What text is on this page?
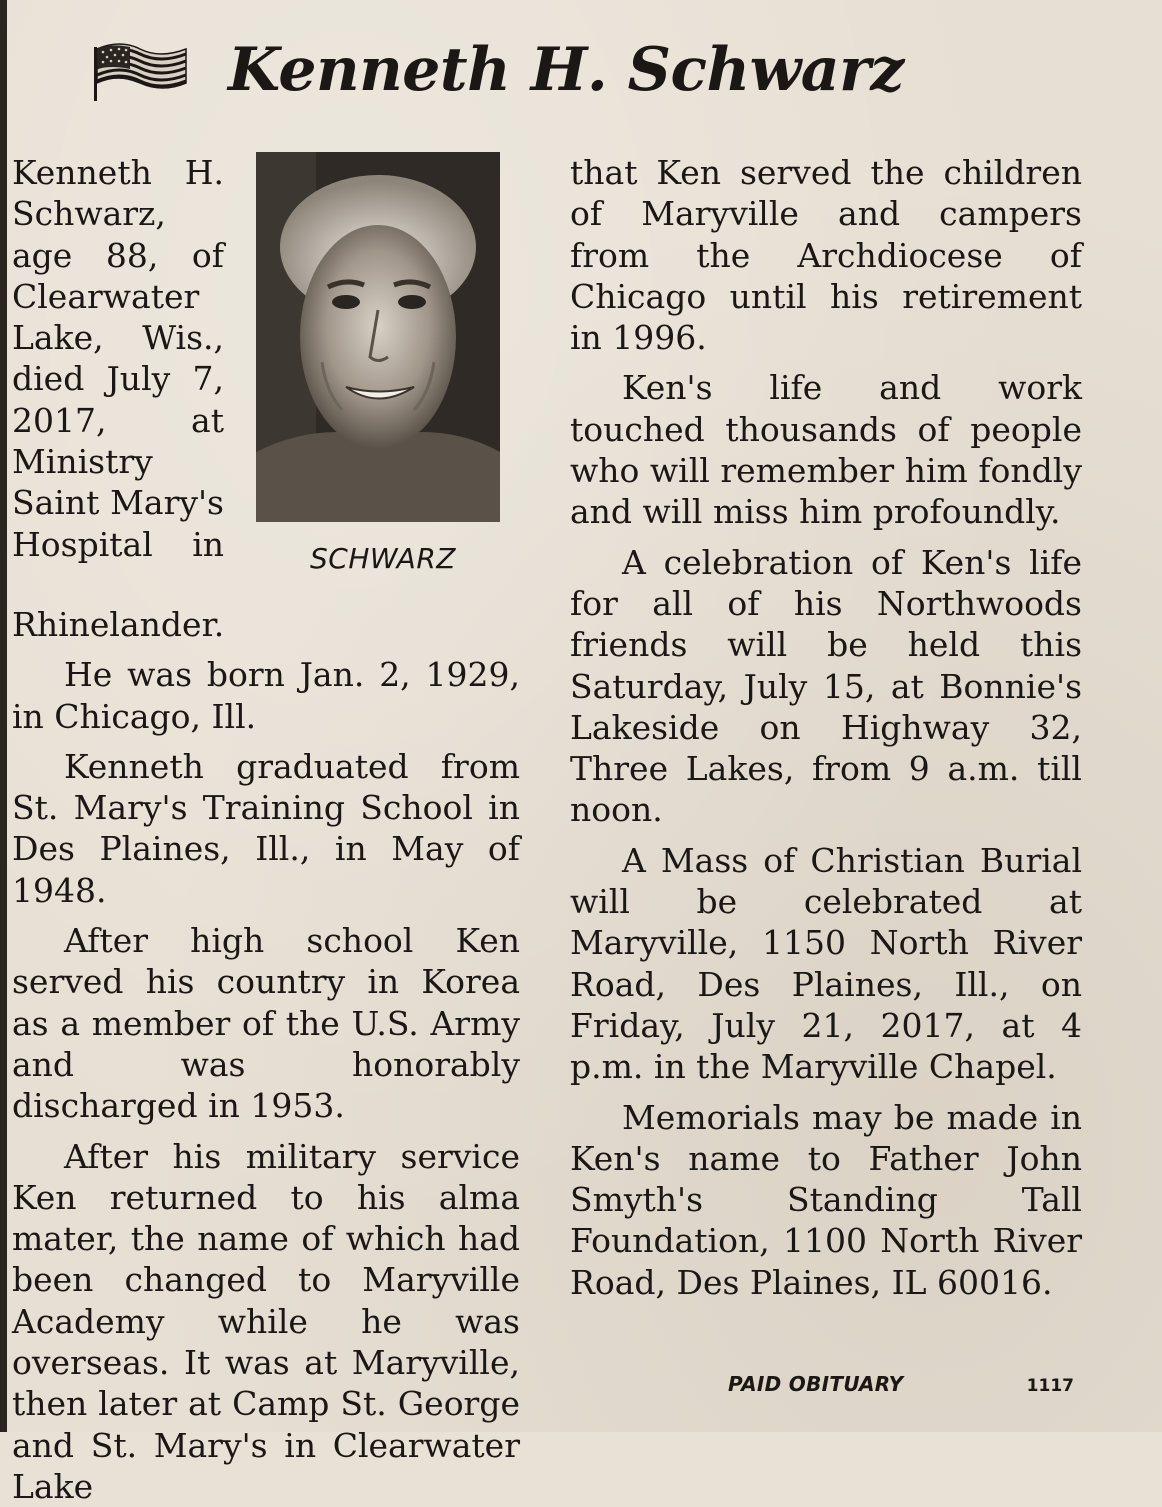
Kenneth H. Schwarz
SCHWARZ

Kenneth H. Schwarz, age 88, of Clearwater Lake, Wis., died July 7, 2017, at Ministry Saint Mary's Hospital in Rhinelander.

He was born Jan. 2, 1929, in Chicago, Ill.

Kenneth graduated from St. Mary's Training School in Des Plaines, Ill., in May of 1948.

After high school Ken served his country in Korea as a member of the U.S. Army and was honorably discharged in 1953.

After his military service Ken returned to his alma mater, the name of which had been changed to Maryville Academy while he was overseas. It was at Maryville, then later at Camp St. George and St. Mary's in Clearwater Lake

that Ken served the children of Maryville and campers from the Archdiocese of Chicago until his retirement in 1996.

Ken's life and work touched thousands of people who will remember him fondly and will miss him profoundly.

A celebration of Ken's life for all of his Northwoods friends will be held this Saturday, July 15, at Bonnie's Lakeside on Highway 32, Three Lakes, from 9 a.m. till noon.

A Mass of Christian Burial will be celebrated at Maryville, 1150 North River Road, Des Plaines, Ill., on Friday, July 21, 2017, at 4 p.m. in the Maryville Chapel.

Memorials may be made in Ken's name to Father John Smyth's Standing Tall Foundation, 1100 North River Road, Des Plaines, IL 60016.

PAID OBITUARY	1117
